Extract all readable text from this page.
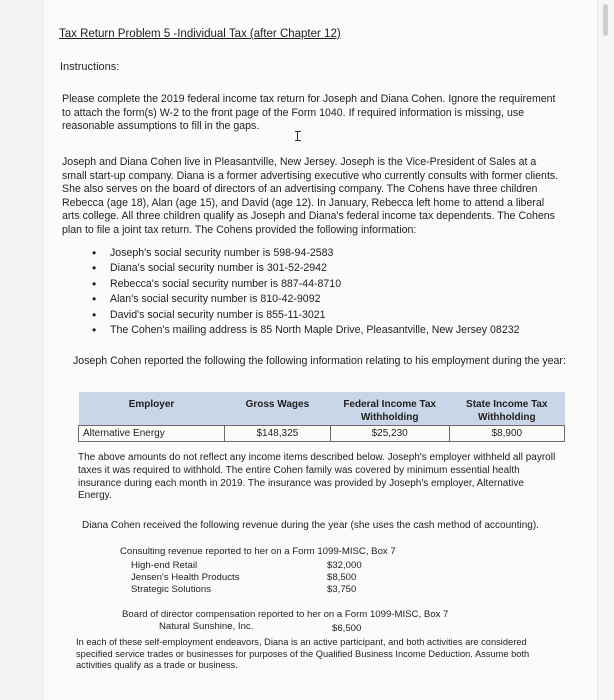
Tax Return Problem 5 -Individual Tax (after Chapter 12)
Instructions:
Please complete the 2019 federal income tax return for Joseph and Diana Cohen. Ignore the requirement to attach the form(s) W-2 to the front page of the Form 1040. If required information is missing, use reasonable assumptions to fill in the gaps.
Joseph and Diana Cohen live in Pleasantville, New Jersey. Joseph is the Vice-President of Sales at a small start-up company. Diana is a former advertising executive who currently consults with former clients. She also serves on the board of directors of an advertising company. The Cohens have three children Rebecca (age 18), Alan (age 15), and David (age 12). In January, Rebecca left home to attend a liberal arts college. All three children qualify as Joseph and Diana's federal income tax dependents. The Cohens plan to file a joint tax return. The Cohens provided the following information:
• Joseph's social security number is 598-94-2583
• Diana's social security number is 301-52-2942
• Rebecca's social security number is 887-44-8710
• Alan's social security number is 810-42-9092
• David's social security number is 855-11-3021
• The Cohen's mailing address is 85 North Maple Drive, Pleasantville, New Jersey 08232
Joseph Cohen reported the following the following information relating to his employment during the year:
Employer	Gross Wages	Federal Income Tax Withholding	State Income Tax Withholding
Alternative Energy	$148,325	$25,230	$8,900
The above amounts do not reflect any income items described below. Joseph's employer withheld all payroll taxes it was required to withhold. The entire Cohen family was covered by minimum essential health insurance during each month in 2019. The insurance was provided by Joseph's employer, Alternative Energy.
Diana Cohen received the following revenue during the year (she uses the cash method of accounting).
Consulting revenue reported to her on a Form 1099-MISC, Box 7
High-end Retail	$32,000
Jensen's Health Products	$8,500
Strategic Solutions	$3,750
Board of director compensation reported to her on a Form 1099-MISC, Box 7
Natural Sunshine, Inc.	$6,500
In each of these self-employment endeavors, Diana is an active participant, and both activities are considered specified service trades or businesses for purposes of the Qualified Business Income Deduction. Assume both activities qualify as a trade or business.
